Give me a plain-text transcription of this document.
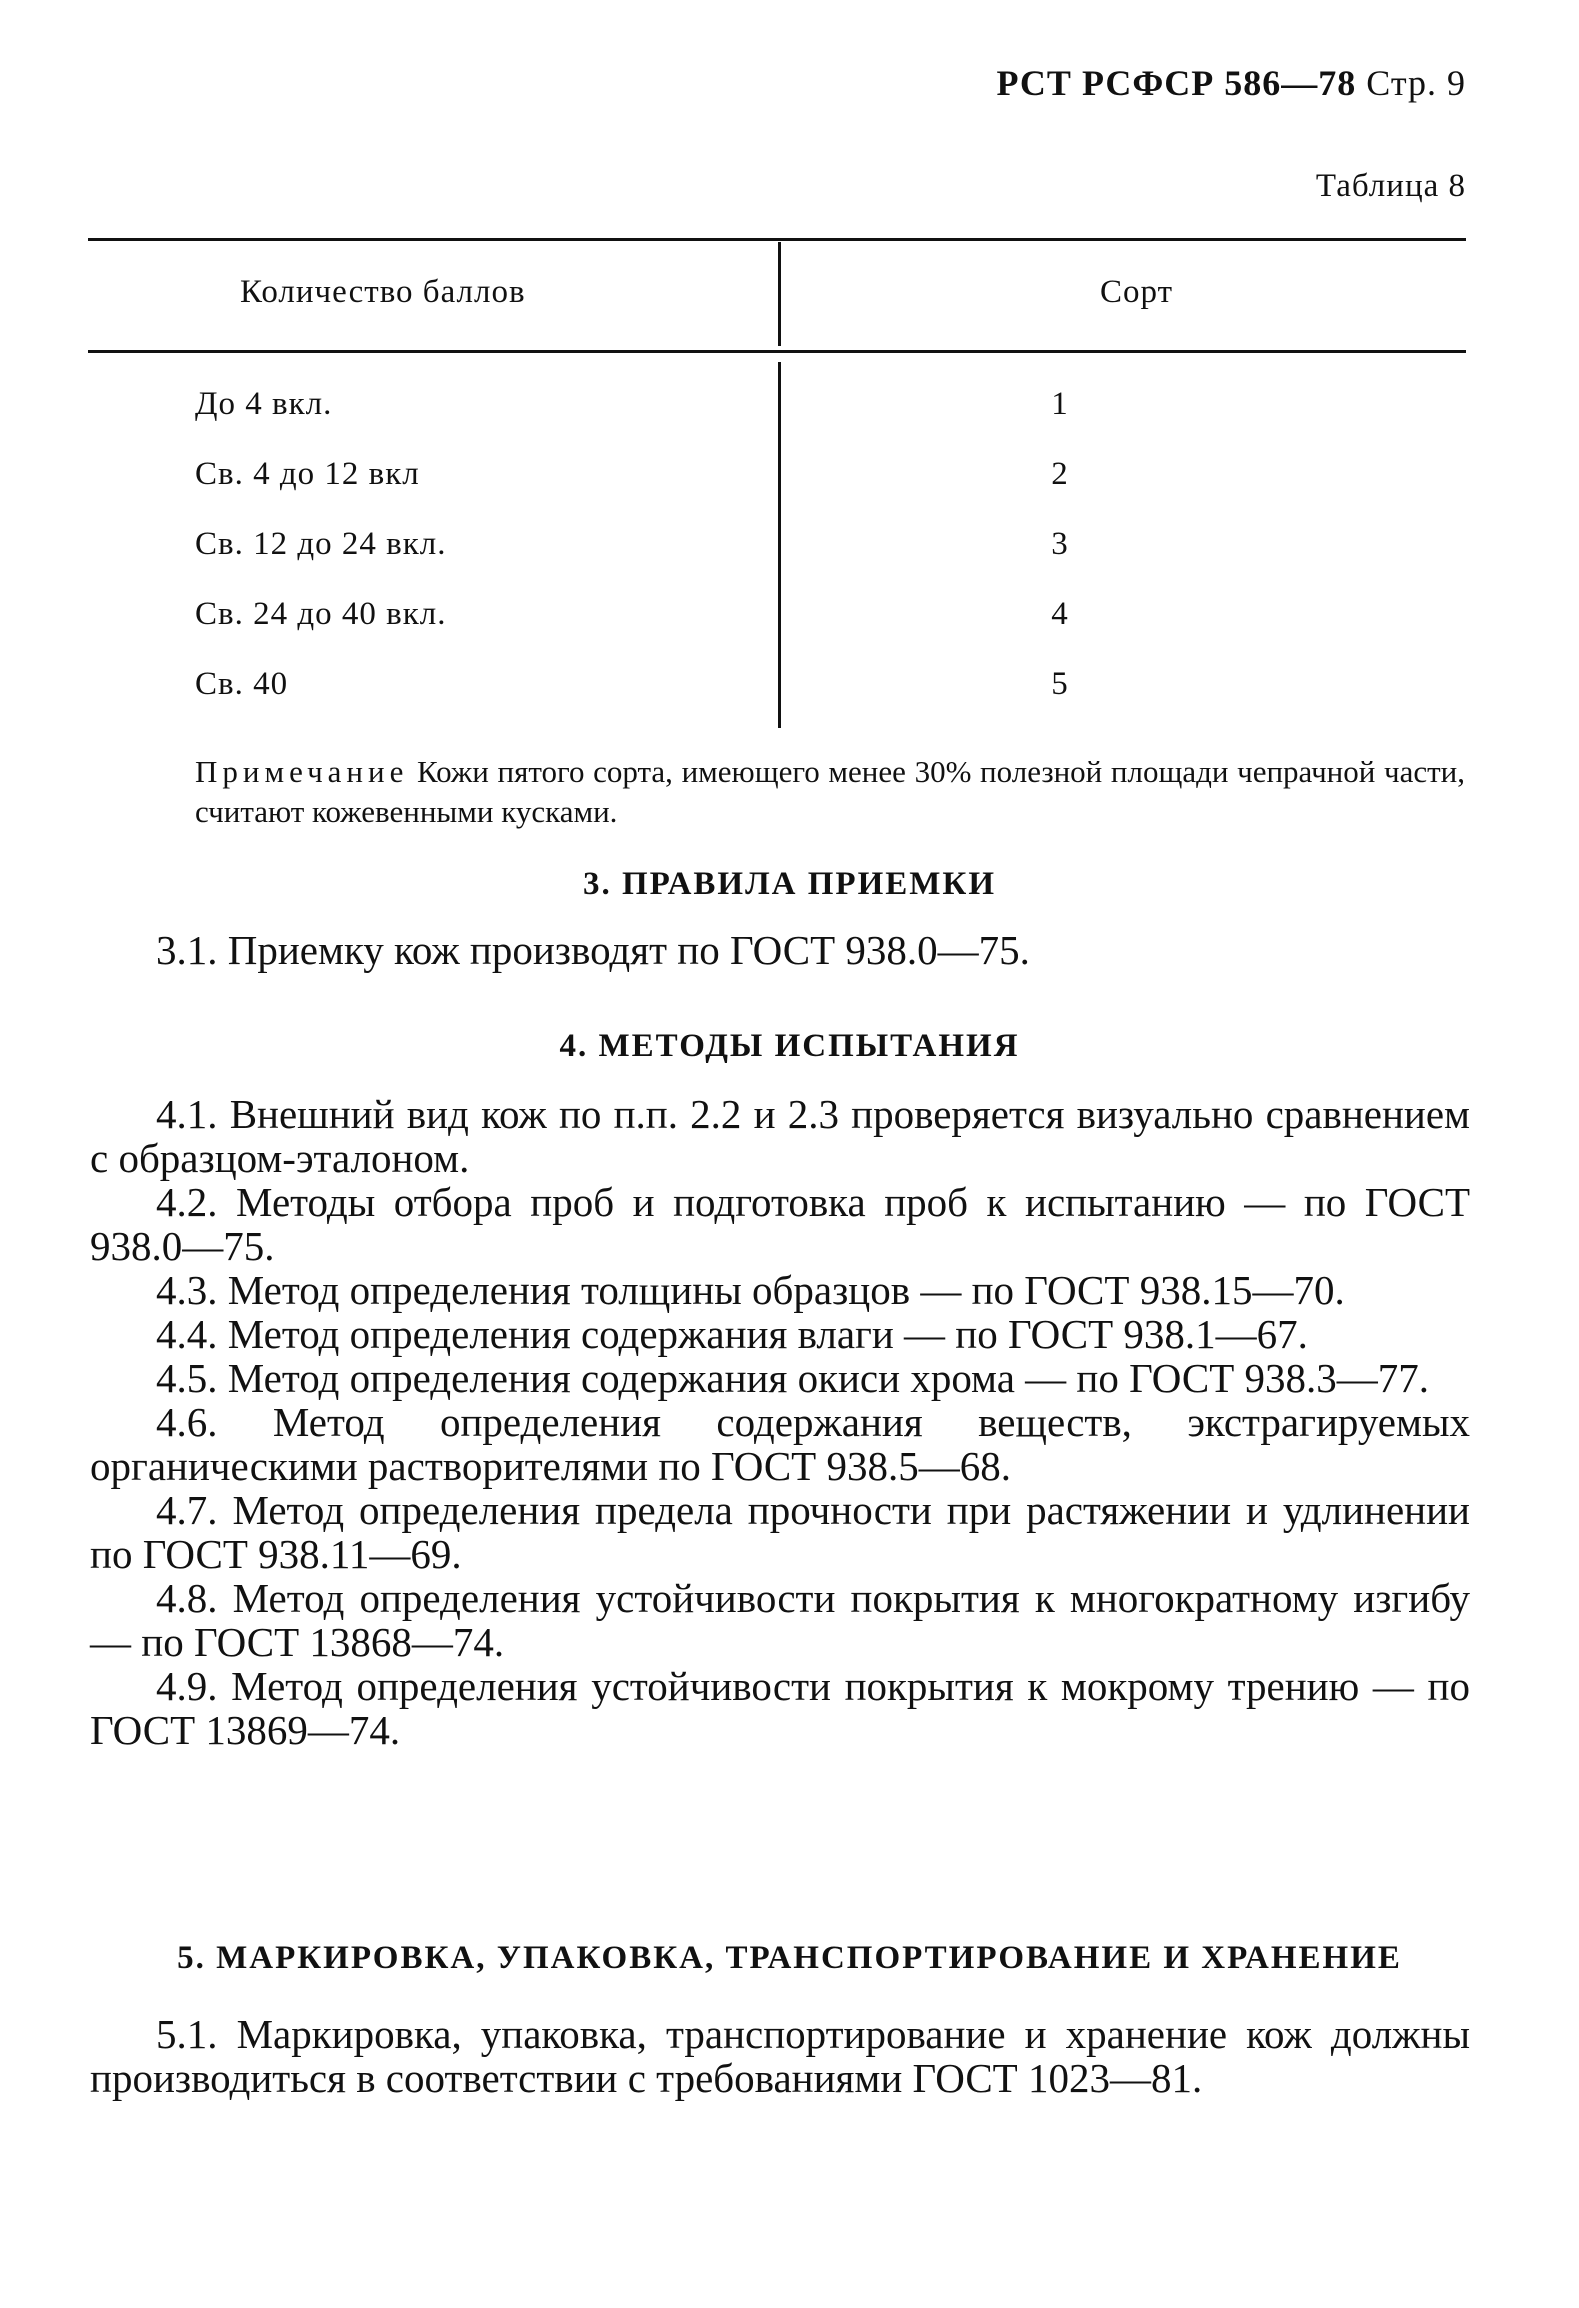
РСТ РСФСР 586—78 Стр. 9
Таблица 8
Количество баллов	Сорт
До 4 вкл.	1
Св. 4 до 12 вкл	2
Св. 12 до 24 вкл.	3
Св. 24 до 40 вкл.	4
Св. 40	5
Примечание Кожи пятого сорта, имеющего менее 30% полезной площади чепрачной части, считают кожевенными кусками.
3. ПРАВИЛА ПРИЕМКИ

3.1. Приемку кож производят по ГОСТ 938.0—75.

4. МЕТОДЫ ИСПЫТАНИЯ

4.1. Внешний вид кож по п.п. 2.2 и 2.3 проверяется визуально сравнением с образцом-эталоном.

4.2. Методы отбора проб и подготовка проб к испытанию — по ГОСТ 938.0—75.

4.3. Метод определения толщины образцов — по ГОСТ 938.15—70.

4.4. Метод определения содержания влаги — по ГОСТ 938.1—67.

4.5. Метод определения содержания окиси хрома — по ГОСТ 938.3—77.

4.6. Метод определения содержания веществ, экстрагируемых органическими растворителями по ГОСТ 938.5—68.

4.7. Метод определения предела прочности при растяжении и удлинении по ГОСТ 938.11—69.

4.8. Метод определения устойчивости покрытия к многократному изгибу — по ГОСТ 13868—74.

4.9. Метод определения устойчивости покрытия к мокрому трению — по ГОСТ 13869—74.

5. МАРКИРОВКА, УПАКОВКА, ТРАНСПОРТИРОВАНИЕ И ХРАНЕНИЕ

5.1. Маркировка, упаковка, транспортирование и хранение кож должны производиться в соответствии с требованиями ГОСТ 1023—81.
